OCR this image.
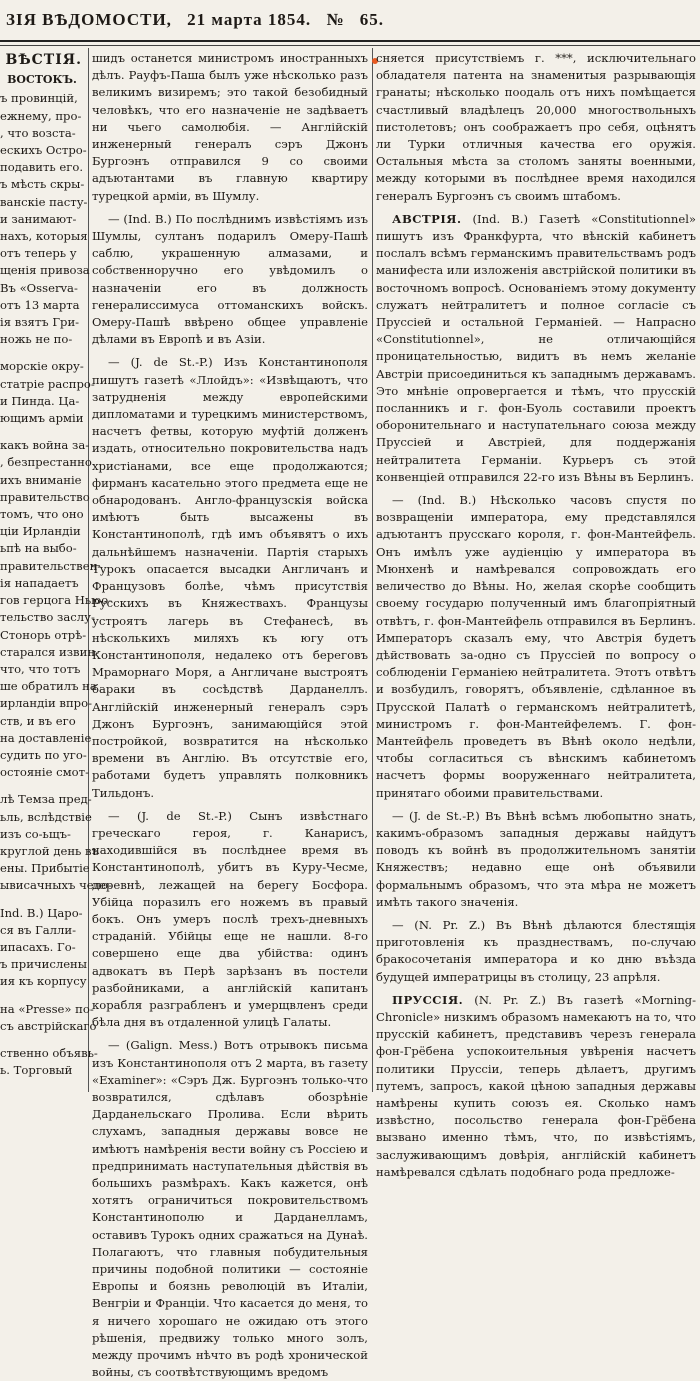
ЗІЯ ВѢДОМОСТИ, 21 марта 1854. № 65.
ВѢСТІЯ.
ВОСТОКЪ.
ъ провинцій,
ежнему, про-
, что возста-
ескихъ Остро-
подавить его.
ъ мѣсть скры-
ванскіе пасту-
и занимают-
нахъ, которыя
отъ теперь у
щенія привоза
Въ «Osserva-
отъ 13 марта
ія взятъ Гри-
ножь не по-
морскіе окру-
статріе распро-
и Пинда. Ца-
ющимъ арміи
какъ война за-
, безпрестанно
ихъ вниманіе
правительство
томъ, что оно
ціи Ирландіи
ьпѣ на выбо-
правительствен-
ія нападаетъ
гов герцога Ньюо-
тельство заслу-
Стонорь отрѣ-
старалcя извин-
что, что тотъ
ше обратилъ на
ирландіи впро-
ств, и въ его
на доставленіе
судить по уго-
остояніе смот-
лѣ Темза пред-
ьль, вслѣдствіе
изъ со-ьщъ-
круглой день въ
ены. Прибытіе
ывисачныхъ чело-
Ind. B.) Царо-
ся въ Галли-
ипасахъ. Го-
ъ причислены
ия къ корпусу
на «Presse» по-
съ австрійскаго
ственно объявь-
ь. Торговый

шидъ останется министромъ иностранныхъ дѣлъ. Рауфъ-Паша былъ уже нѣсколько разъ великимъ визиремъ; это такой безобидный человѣкъ, что его назначеніе не задѣваетъ ни чьего самолюбія. — Англійскій инженерный генералъ сэръ Джонъ Бургоэнъ отправился 9 со своими адъютантами въ главную квартиру турецкой арміи, въ Шумлу.

— (Ind. B.) По послѣднимъ извѣстіямъ изъ Шумлы, султанъ подарилъ Омеру-Пашѣ саблю, украшенную алмазами, и собственноручно его увѣдомилъ о назначеніи его въ должность генералиссимуса оттоманскихъ войскъ. Омеру-Пашѣ ввѣрено общее управленіе дѣлами въ Европѣ и въ Азіи.

— (J. de St.-P.) Изъ Константинополя пишутъ газетѣ «Ллойдъ»: «Извѣщаютъ, что затрудненія между европейскими дипломатами и турецкимъ министерствомъ, насчетъ фетвы, которую муфтій долженъ издать, относительно покровительства надъ христіанами, все еще продолжаются; фирманъ касательно этого предмета еще не обнародованъ. Англо-французскія войска имѣютъ быть высажены въ Константинополѣ, гдѣ имъ объявятъ о ихъ дальнѣйшемъ назначеніи. Партія старыхъ Турокъ опасается высадки Англичанъ и Французовъ болѣе, чѣмъ присутствія Русскихъ въ Княжествахъ. Французы устроятъ лагерь въ Стефанесѣ, въ нѣсколькихъ миляхъ къ югу отъ Константинополя, недалеко отъ береговъ Мраморнаго Моря, а Англичане выстроятъ бараки въ сосѣдствѣ Дарданеллъ. Англійскій инженерный генералъ сэръ Джонъ Бургоэнъ, занимающійся этой постройкой, возвратится на нѣсколько времени въ Англію. Въ отсутствіе его, работами будетъ управлять полковникъ Тильдонъ.

— (J. de St.-P.) Сынъ извѣстнаго греческаго героя, г. Канарисъ, находившійся въ послѣднее время въ Константинополѣ, убитъ въ Куру-Чесме, деревнѣ, лежащей на берегу Босфора. Убійца поразилъ его ножемъ въ правый бокъ. Онъ умеръ послѣ трехъ-дневныхъ страданій. Убійцы еще не нашли. 8-го совершено еще два убійства: одинъ адвокатъ въ Перѣ зарѣзанъ въ постели разбойниками, а англійскій капитанъ корабля разграбленъ и умерщвленъ среди бѣла дня въ отдаленной улицѣ Галаты.

— (Galign. Mess.) Вотъ отрывокъ письма изъ Константинополя отъ 2 марта, въ газету «Examiner»: «Сэръ Дж. Бургоэнъ только-что возвратился, сдѣлавъ обозрѣніе Дарданельскаго Пролива. Если вѣрить слухамъ, западныя державы вовсе не имѣютъ намѣренія вести войну съ Россіею и предпринимать наступательныя дѣйствія въ большихъ размѣрахъ. Какъ кажется, онѣ хотятъ ограничиться покровительствомъ Константинополю и Дарданелламъ, оставивъ Турокъ одних сражаться на Дунаѣ. Полагаютъ, что главныя побудительныя причины подобной политики — состояніе Европы и боязнь революцій въ Италіи, Венгріи и Франціи. Что касается до меня, то я ничего хорошаго не ожидаю отъ этого рѣшенія, предвижу только много золъ, между прочимъ нѣчто въ родѣ хронической войны, съ соотвѣтствующимъ вредомъ

сняется присутствіемъ г. ***, исключительнаго обладателя патента на знаменитыя разрывающія гранаты; нѣсколько поодаль отъ нихъ помѣщается счастливый владѣлецъ 20,000 многоствольныхъ пистолетовъ; онъ соображаетъ про себя, оцѣнятъ ли Турки отличныя качества его оружія. Остальныя мѣста за столомъ заняты военными, между которыми въ послѣднее время находился генералъ Бургоэнъ съ своимъ штабомъ.

АВСТРІЯ. (Ind. B.) Газетѣ «Constitutionnel» пишутъ изъ Франкфурта, что вѣнскій кабинетъ послалъ всѣмъ германскимъ правительствамъ родъ манифеста или изложенія австрійской политики въ восточномъ вопросѣ. Основаніемъ этому документу служатъ нейтралитетъ и полное согласіе съ Пруссіей и остальной Германіей. — Напрасно «Constitutionnel», не отличающійся проницательностью, видитъ въ немъ желаніе Австріи присоединиться къ западнымъ державамъ. Это мнѣніе опровергается и тѣмъ, что прусскій посланникъ и г. фон-Буоль составили проектъ оборонительнаго и наступательнаго союза между Пруссіей и Австріей, для поддержанія нейтралитета Германіи. Курьеръ съ этой конвенціей отправился 22-го изъ Вѣны въ Берлинъ.

— (Ind. B.) Нѣсколько часовъ спустя по возвращеніи императора, ему представлялся адъютантъ прусскаго короля, г. фон-Мантейфель. Онъ имѣлъ уже аудіенцію у императора въ Мюнхенѣ и намѣревался сопровождать его величество до Вѣны. Но, желая скорѣе сообщить своему государю полученный имъ благопріятный отвѣтъ, г. фон-Мантейфель отправился въ Берлинъ. Императоръ сказалъ ему, что Австрія будетъ дѣйствовать за-одно съ Пруссіей по вопросу о соблюденіи Германіею нейтралитета. Этотъ отвѣтъ и возбудилъ, говорятъ, объявленіе, сдѣланное въ Прусской Палатѣ о германскомъ нейтралитетѣ, министромъ г. фон-Мантейфелемъ. Г. фон-Мантейфель проведетъ въ Вѣнѣ около недѣли, чтобы согласиться съ вѣнскимъ кабинетомъ насчетъ формы вооруженнаго нейтралитета, принятаго обоими правительствами.

— (J. de St.-P.) Въ Вѣнѣ всѣмъ любопытно знать, какимъ-образомъ западныя державы найдутъ поводъ къ войнѣ въ продолжительномъ занятіи Княжествъ; недавно еще онѣ объявили формальнымъ образомъ, что эта мѣра не можетъ имѣть такого значенія.

— (N. Pr. Z.) Въ Вѣнѣ дѣлаются блестящія приготовленія къ празднествамъ, по-случаю бракосочетанія императора и ко дню въѣзда будущей императрицы въ столицу, 23 апрѣля.

ПРУССІЯ. (N. Pr. Z.) Въ газетѣ «Morning-Chronicle» низкимъ образомъ намекаютъ на то, что прусскій кабинетъ, представивъ черезъ генерала фон-Грёбена успокоительныя увѣренія насчетъ политики Пруссіи, теперь дѣлаетъ, другимъ путемъ, запросъ, какой цѣною западныя державы намѣрены купить союзъ ея. Сколько намъ извѣстно, посольство генерала фон-Грёбена вызвано именно тѣмъ, что, по извѣстіямъ, заслуживающимъ довѣрія, англійскій кабинетъ намѣревался сдѣлать подобнаго рода предложе-
